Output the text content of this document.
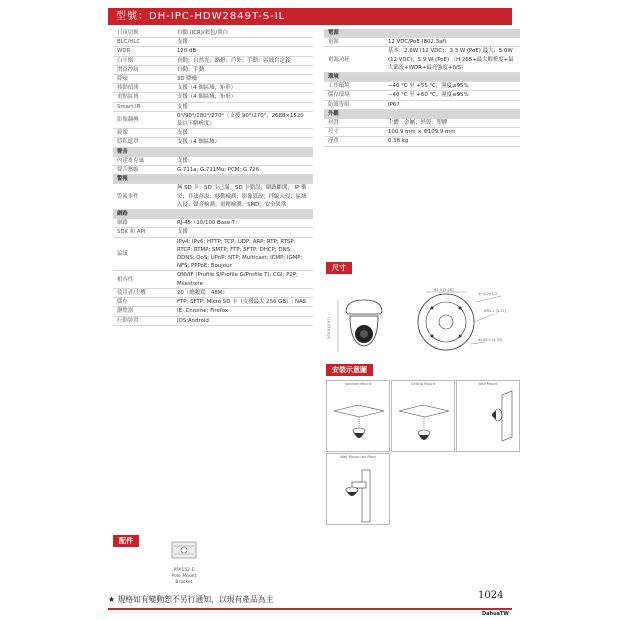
型號：DH-IPC-HDW2849T-S-IL
日夜切換	自動 (ICR)/彩色/黑白
BLC/HLC	支援
WDR	120 dB
白平衡	自動；自然光；路燈；戶外；手動；區域自定義
增益控制	自動；手動
降噪	3D 降噪
移動偵測	支援（4 個區域，矩形）
重點區域	支援（4 個區域，矩形）
Smart IR	支援
影像翻轉	0°/90°/180°/270°（支援 90°/270°，2688×1520 及以下解析度）
鏡像	支援
隱私遮罩	支援（4 個區域）
聲音	
內建麥克風	支援
聲音壓縮	G.711a; G.711Mu; PCM; G.726
警報	
警報事件	無 SD 卡；SD 卡已滿；SD 卡錯誤；網路斷開； IP 衝突；非法存取；移動檢測；影像篡改；拌線入侵；區域入侵；聲音檢測；電壓檢測；SMD；安全異常
網路	
網路	RJ-45（10/100 Base-T）
SDK 和 API	支援
協議	IPv4; IPv6; HTTP; TCP; UDP; ARP; RTP; RTSP; RTCP; RTMP; SMTP; FTP; SFTP; DHCP; DNS; DDNS; QoS; UPnP; NTP; Multicast; ICMP; IGMP; NFS; PPPoE; Boujour
相容性	ONVIF (Profile S/Profile G/Profile T); CGI; P2P; Milestone
使用者/主機	20（總頻寬：48M）
儲存	FTP; SFTP; Micro SD 卡（支援最大 256 GB）; NAS
瀏覽器	IE; Chrome; Firefox
行動裝置	iOS;Android
電源	
電源	12 VDC/PoE (802.3af)
電源功耗	基本：2.6W (12 VDC)；3.3 W (PoE) 最大：5.0W (12 VDC)；5.9 W (PoE) （H.265+最大解析度+最大碼流+WDR+最亮強度+IVS）
環境	
工作環境	−40 °C 至 +55 °C，濕度≤95%
儲存環境	−40 °C 至 +60 °C，濕度≤95%
防護等級	IP67
外觀	
材質	主體：金屬；外殼：塑膠
尺寸	100.9 mm × Φ109.9 mm
淨重	0.38 kg
尺寸
83.3 [3.28]
4−4.2×5.2
Φ94.2 [4.21]
100.9 [3.97]
Φ109.9 [4.33]
安裝示意圖
Junction Mount	Ceiling Mount	Wall Mount
Wall Mount (on Pole)
配件
PFA152-E
Pole Mount
Bracket
★ 規格如有變動恕不另行通知，以現有產品為主	1024
DahuaTW
